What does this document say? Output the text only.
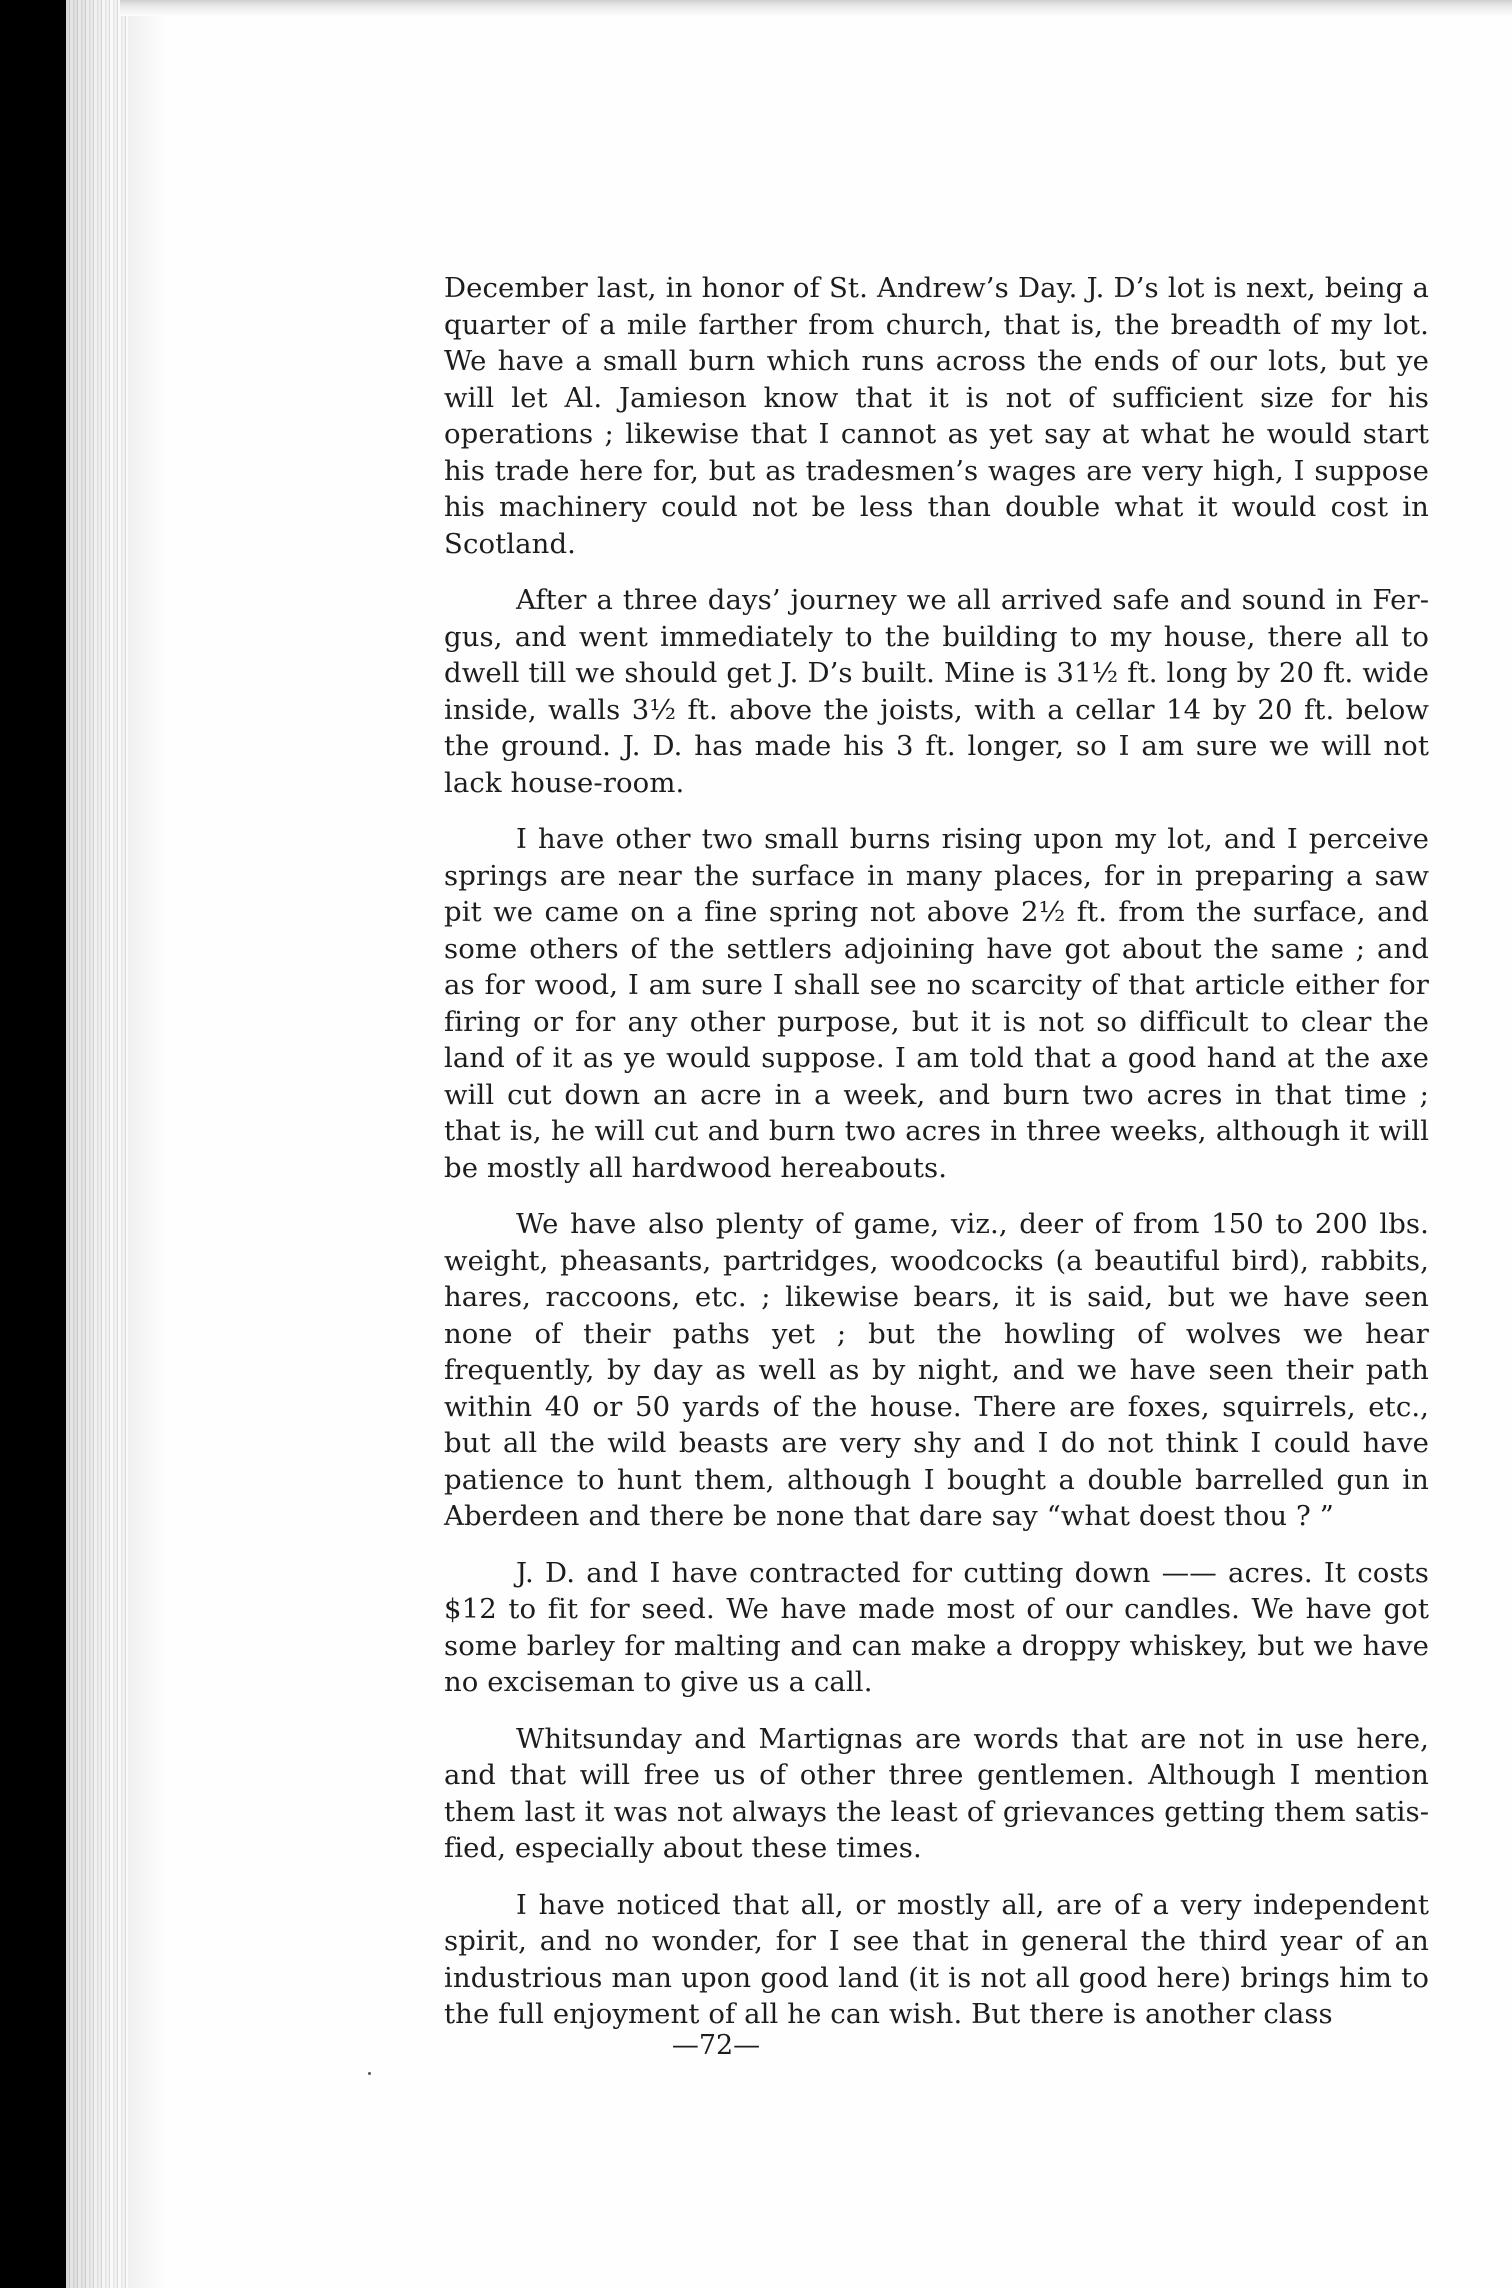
December last, in honor of St. Andrew’s Day. J. D’s lot is next, being a quarter of a mile farther from church, that is, the breadth of my lot. We have a small burn which runs across the ends of our lots, but ye will let Al. Jamieson know that it is not of sufficient size for his operations ; likewise that I cannot as yet say at what he would start his trade here for, but as tradesmen’s wages are very high, I suppose his machinery could not be less than double what it would cost in Scotland.

After a three days’ journey we all arrived safe and sound in Fergus, and went immediately to the building to my house, there all to dwell till we should get J. D’s built. Mine is 31½ ft. long by 20 ft. wide inside, walls 3½ ft. above the joists, with a cellar 14 by 20 ft. below the ground. J. D. has made his 3 ft. longer, so I am sure we will not lack house-room.

I have other two small burns rising upon my lot, and I perceive springs are near the surface in many places, for in preparing a saw pit we came on a fine spring not above 2½ ft. from the surface, and some others of the settlers adjoining have got about the same ; and as for wood, I am sure I shall see no scarcity of that article either for firing or for any other purpose, but it is not so difficult to clear the land of it as ye would suppose. I am told that a good hand at the axe will cut down an acre in a week, and burn two acres in that time ; that is, he will cut and burn two acres in three weeks, although it will be mostly all hardwood hereabouts.

We have also plenty of game, viz., deer of from 150 to 200 lbs. weight, pheasants, partridges, woodcocks (a beautiful bird), rabbits, hares, raccoons, etc. ; likewise bears, it is said, but we have seen none of their paths yet ; but the howling of wolves we hear frequently, by day as well as by night, and we have seen their path within 40 or 50 yards of the house. There are foxes, squirrels, etc., but all the wild beasts are very shy and I do not think I could have patience to hunt them, although I bought a double barrelled gun in Aberdeen and there be none that dare say “what doest thou ? ”

J. D. and I have contracted for cutting down —— acres. It costs $12 to fit for seed. We have made most of our candles. We have got some barley for malting and can make a droppy whiskey, but we have no exciseman to give us a call.

Whitsunday and Martignas are words that are not in use here, and that will free us of other three gentlemen. Although I mention them last it was not always the least of grievances getting them satisfied, especially about these times.

I have noticed that all, or mostly all, are of a very independent spirit, and no wonder, for I see that in general the third year of an industrious man upon good land (it is not all good here) brings him to the full enjoyment of all he can wish. But there is another class

—72—
